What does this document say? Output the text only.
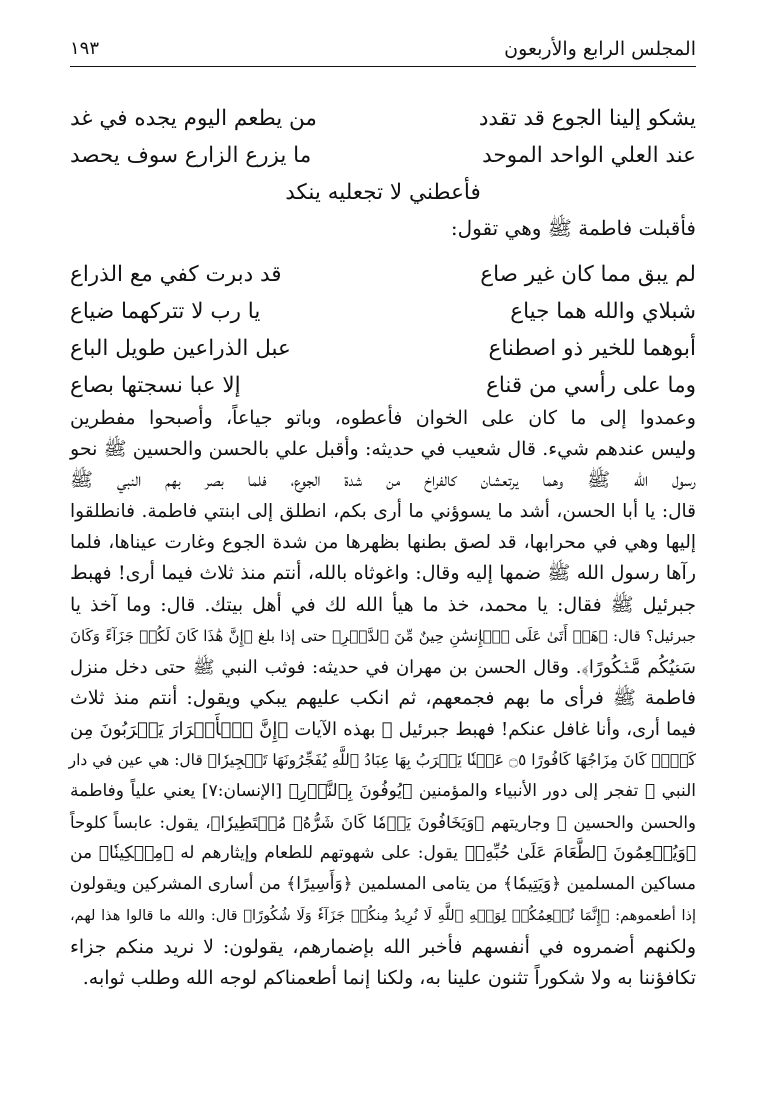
المجلس الرابع والأربعون
١٩٣
يشكو إلينا الجوع قد تقدد
من يطعم اليوم يجده في غد
عند العلي الواحد الموحد
ما يزرع الزارع سوف يحصد
فأعطني لا تجعليه ينكد
فأقبلت فاطمة ﷺ وهي تقول:
لم يبق مما كان غير صاع
قد دبرت كفي مع الذراع
شبلاي والله هما جياع
يا رب لا تتركهما ضياع
أبوهما للخير ذو اصطناع
عبل الذراعين طويل الباع
وما على رأسي من قناع
إلا عبا نسجتها بصاع
وعمدوا إلى ما كان على الخوان فأعطوه، وباتو جياعاً، وأصبحوا مفطرين
وليس عندهم شيء. قال شعيب في حديثه: وأقبل علي بالحسن والحسين ﷺ نحو
رسول الله ﷺ وهما يرتعشان كالفراخ من شدة الجوع، فلما بصر بهم النبي ﷺ
قال: يا أبا الحسن، أشد ما يسوؤني ما أرى بكم، انطلق إلى ابنتي فاطمة. فانطلقوا
إليها وهي في محرابها، قد لصق بطنها بظهرها من شدة الجوع وغارت عيناها، فلما
رآها رسول الله ﷺ ضمها إليه وقال: واغوثاه بالله، أنتم منذ ثلاث فيما أرى! فهبط
جبرئيل ﷺ فقال: يا محمد، خذ ما هيأ الله لك في أهل بيتك. قال: وما آخذ يا
جبرئيل؟ قال: ﴿هَلۡ أَتَىٰ عَلَى ٱلۡإِنسَٰنِ حِينٌ مِّنَ ٱلدَّهۡرِ﴾ حتى إذا بلغ ﴿إِنَّ هَٰذَا كَانَ لَكُمۡ جَزَآءً وَكَانَ
سَعۡيُكُم مَّشۡكُورًا﴾. وقال الحسن بن مهران في حديثه: فوثب النبي ﷺ حتى دخل منزل
فاطمة ﷺ فرأى ما بهم فجمعهم، ثم انكب عليهم يبكي ويقول: أنتم منذ ثلاث
فيما أرى، وأنا غافل عنكم! فهبط جبرئيل ﷺ بهذه الآيات ﴿إِنَّ ٱلۡأَبۡرَارَ يَشۡرَبُونَ مِن
كَأۡسٖ كَانَ مِزَاجُهَا كَافُورًا ۝٥ عَيۡنٗا يَشۡرَبُ بِهَا عِبَادُ ٱللَّهِ يُفَجِّرُونَهَا تَفۡجِيرٗا﴾ قال: هي عين في دار
النبي ﷺ تفجر إلى دور الأنبياء والمؤمنين ﴿يُوفُونَ بِٱلنَّذۡرِ﴾ [الإنسان:٧] يعني علياً وفاطمة
والحسن والحسين ﷺ وجاريتهم ﴿وَيَخَافُونَ يَوۡمٗا كَانَ شَرُّهُۥ مُسۡتَطِيرٗا﴾، يقول: عابساً كلوحاً
﴿وَيُطۡعِمُونَ ٱلطَّعَامَ عَلَىٰ حُبِّهِۦ﴾ يقول: على شهوتهم للطعام وإيثارهم له ﴿مِسۡكِينٗا﴾ من
مساكين المسلمين ﴿وَيَتِيمٗا﴾ من يتامى المسلمين ﴿وَأَسِيرًا﴾ من أسارى المشركين ويقولون
إذا أطعموهم: ﴿إِنَّمَا نُطۡعِمُكُمۡ لِوَجۡهِ ٱللَّهِ لَا نُرِيدُ مِنكُمۡ جَزَآءٗ وَلَا شُكُورًا﴾ قال: والله ما قالوا هذا لهم،
ولكنهم أضمروه في أنفسهم فأخبر الله بإضمارهم، يقولون: لا نريد منكم جزاء
تكافؤننا به ولا شكوراً تثنون علينا به، ولكنا إنما أطعمناكم لوجه الله وطلب ثوابه.
